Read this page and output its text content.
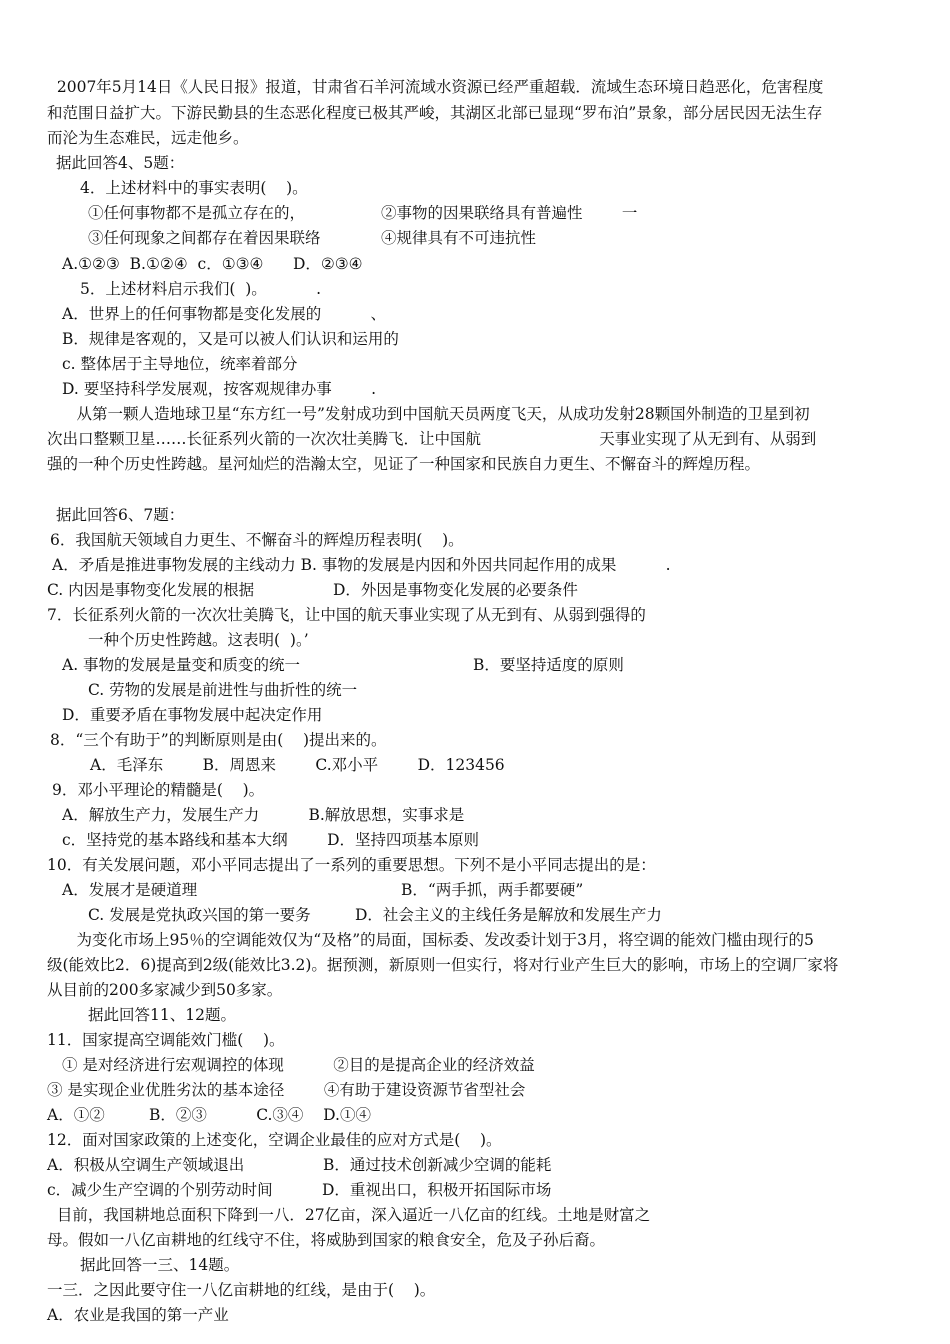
2007年5月14日《人民日报》报道，甘肃省石羊河流域水资源已经严重超载．流域生态环境日趋恶化，危害程度
和范围日益扩大。下游民勤县的生态恶化程度已极其严峻，其湖区北部已显现“罗布泊”景象，部分居民因无法生存
而沦为生态难民，远走他乡。
据此回答4、5题：
4．上述材料中的事实表明(    )。
①任何事物都不是孤立存在的，	②事物的因果联络具有普遍性        一
③任何现象之间都存在着因果联络	④规律具有不可违抗性
A.①②③  B.①②④  c．①③④      D．②③④
5．上述材料启示我们(  )。          .
A．世界上的任何事物都是变化发展的          、
B．规律是客观的，又是可以被人们认识和运用的
c. 整体居于主导地位，统率着部分
D. 要坚持科学发展观，按客观规律办事        .
从第一颗人造地球卫星“东方红一号”发射成功到中国航天员两度飞天，从成功发射28颗国外制造的卫星到初
次出口整颗卫星……长征系列火箭的一次次壮美腾飞．让中国航                        天事业实现了从无到有、从弱到
强的一种个历史性跨越。星河灿烂的浩瀚太空，见证了一种国家和民族自力更生、不懈奋斗的辉煌历程。
据此回答6、7题：
6．我国航天领域自力更生、不懈奋斗的辉煌历程表明(    )。
A．矛盾是推进事物发展的主线动力 B. 事物的发展是内因和外因共同起作用的成果          .
C. 内因是事物变化发展的根据                D．外因是事物变化发展的必要条件
7．长征系列火箭的一次次壮美腾飞，让中国的航天事业实现了从无到有、从弱到强得的
一种个历史性跨越。这表明(  )。’
A. 事物的发展是量变和质变的统一	B．要坚持适度的原则
C. 劳物的发展是前进性与曲折性的统一
D．重要矛盾在事物发展中起决定作用
8．“三个有助于”的判断原则是由(    )提出来的。
A．毛泽东        B．周恩来        C.邓小平        D．123456
9．邓小平理论的精髓是(    )。
A．解放生产力，发展生产力          B.解放思想，实事求是
c．坚持党的基本路线和基本大纲        D．坚持四项基本原则
10．有关发展问题，邓小平同志提出了一系列的重要思想。下列不是小平同志提出的是：
A．发展才是硬道理	B．“两手抓，两手都要硬”
C. 发展是党执政兴国的第一要务         D．社会主义的主线任务是解放和发展生产力
为变化市场上95％的空调能效仅为“及格”的局面，国标委、发改委计划于3月，将空调的能效门槛由现行的5
级(能效比2．6)提高到2级(能效比3.2)。据预测，新原则一但实行，将对行业产生巨大的影响，市场上的空调厂家将
从目前的200多家减少到50多家。
据此回答11、12题。
11．国家提高空调能效门槛(    )。
① 是对经济进行宏观调控的体现          ②目的是提高企业的经济效益
③ 是实现企业优胜劣汰的基本途径        ④有助于建设资源节省型社会
A．①②         B．②③          C.③④    D.①④
12．面对国家政策的上述变化，空调企业最佳的应对方式是(    )。
A．积极从空调生产领域退出                B．通过技术创新减少空调的能耗
c．减少生产空调的个别劳动时间          D．重视出口，积极开拓国际市场
目前，我国耕地总面积下降到一八．27亿亩，深入逼近一八亿亩的红线。土地是财富之
母。假如一八亿亩耕地的红线守不住，将威胁到国家的粮食安全，危及子孙后裔。
据此回答一三、14题。
一三．之因此要守住一八亿亩耕地的红线，是由于(    )。
A．农业是我国的第一产业
